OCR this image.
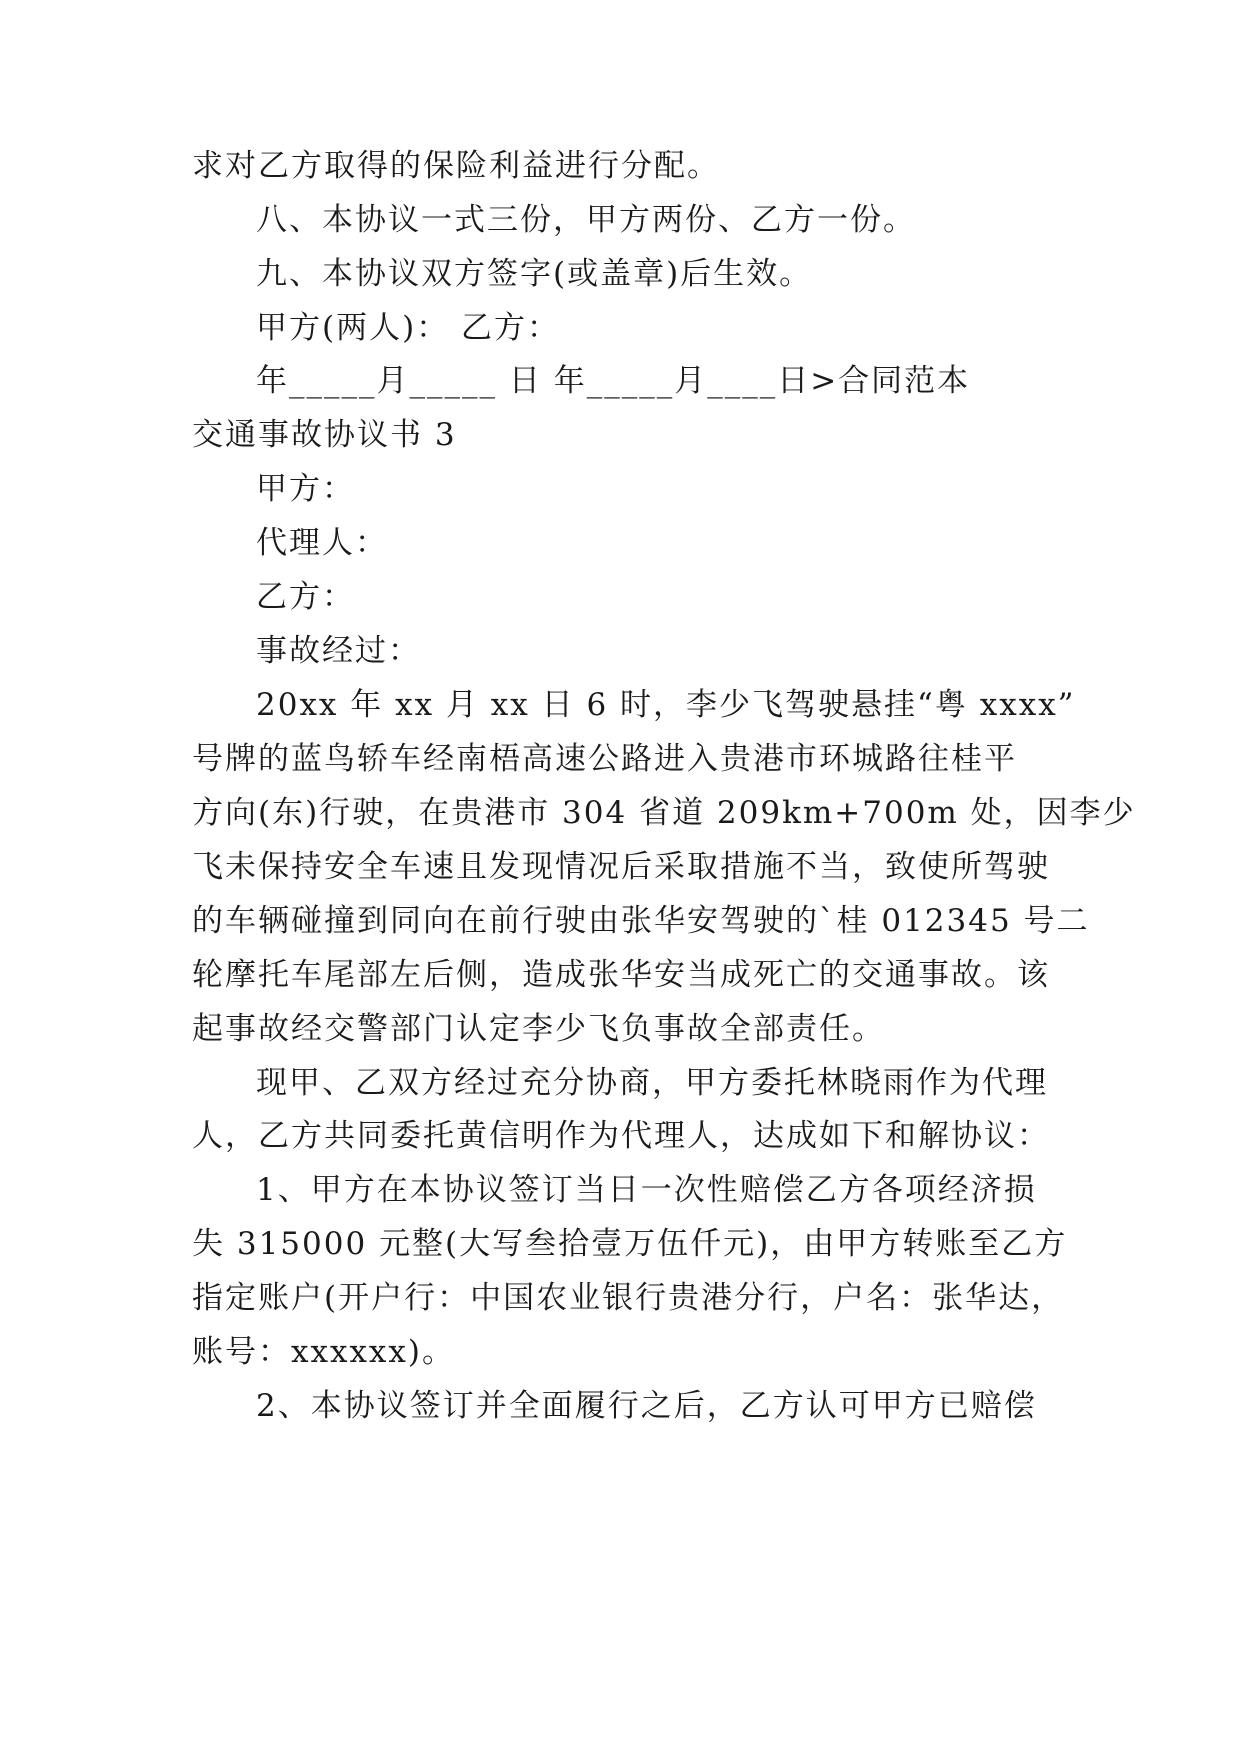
求对乙方取得的保险利益进行分配。
八、本协议一式三份，甲方两份、乙方一份。
九、本协议双方签字(或盖章)后生效。
甲方(两人)： 乙方：
年_____月_____ 日 年_____月____日>合同范本
交通事故协议书 3
甲方：
代理人：
乙方：
事故经过：
20xx 年 xx 月 xx 日 6 时，李少飞驾驶悬挂“粤 xxxx”
号牌的蓝鸟轿车经南梧高速公路进入贵港市环城路往桂平
方向(东)行驶，在贵港市 304 省道 209km+700m 处，因李少
飞未保持安全车速且发现情况后采取措施不当，致使所驾驶
的车辆碰撞到同向在前行驶由张华安驾驶的`桂 012345 号二
轮摩托车尾部左后侧，造成张华安当成死亡的交通事故。该
起事故经交警部门认定李少飞负事故全部责任。
现甲、乙双方经过充分协商，甲方委托林晓雨作为代理
人，乙方共同委托黄信明作为代理人，达成如下和解协议：
1、甲方在本协议签订当日一次性赔偿乙方各项经济损
失 315000 元整(大写叁拾壹万伍仟元)，由甲方转账至乙方
指定账户(开户行：中国农业银行贵港分行，户名：张华达，
账号：xxxxxx)。
2、本协议签订并全面履行之后，乙方认可甲方已赔偿
